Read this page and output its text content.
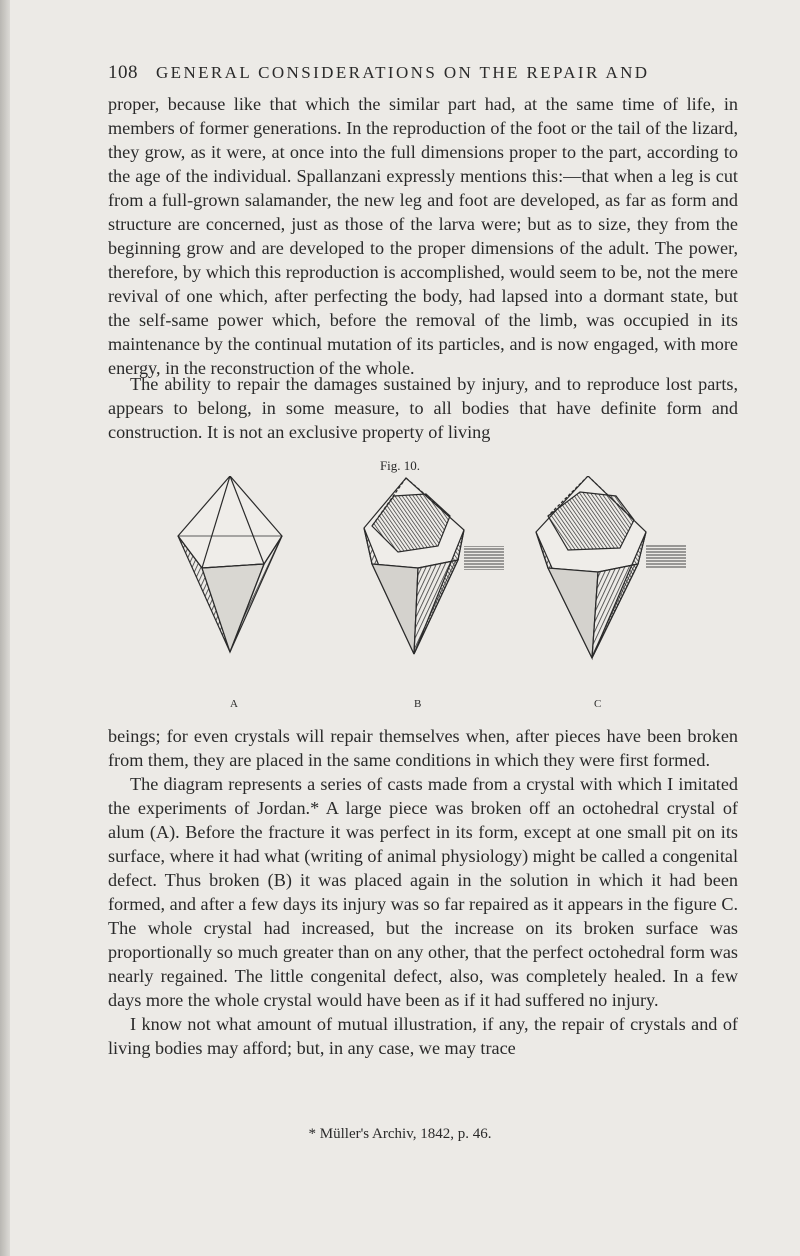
108 GENERAL CONSIDERATIONS ON THE REPAIR AND

proper, because like that which the similar part had, at the same time of life, in members of former generations. In the reproduction of the foot or the tail of the lizard, they grow, as it were, at once into the full dimensions proper to the part, according to the age of the individual. Spallanzani expressly mentions this:—that when a leg is cut from a full-grown salamander, the new leg and foot are developed, as far as form and structure are concerned, just as those of the larva were; but as to size, they from the beginning grow and are developed to the proper dimensions of the adult. The power, therefore, by which this reproduction is accomplished, would seem to be, not the mere revival of one which, after perfecting the body, had lapsed into a dormant state, but the self-same power which, before the removal of the limb, was occupied in its maintenance by the continual mutation of its particles, and is now engaged, with more energy, in the reconstruction of the whole.

The ability to repair the damages sustained by injury, and to reproduce lost parts, appears to belong, in some measure, to all bodies that have definite form and construction. It is not an exclusive property of living

Fig. 10.
A	B	C

beings; for even crystals will repair themselves when, after pieces have been broken from them, they are placed in the same conditions in which they were first formed.

The diagram represents a series of casts made from a crystal with which I imitated the experiments of Jordan.* A large piece was broken off an octohedral crystal of alum (A). Before the fracture it was perfect in its form, except at one small pit on its surface, where it had what (writing of animal physiology) might be called a congenital defect. Thus broken (B) it was placed again in the solution in which it had been formed, and after a few days its injury was so far repaired as it appears in the figure C. The whole crystal had increased, but the increase on its broken surface was proportionally so much greater than on any other, that the perfect octohedral form was nearly regained. The little congenital defect, also, was completely healed. In a few days more the whole crystal would have been as if it had suffered no injury.

I know not what amount of mutual illustration, if any, the repair of crystals and of living bodies may afford; but, in any case, we may trace

* Müller's Archiv, 1842, p. 46.
